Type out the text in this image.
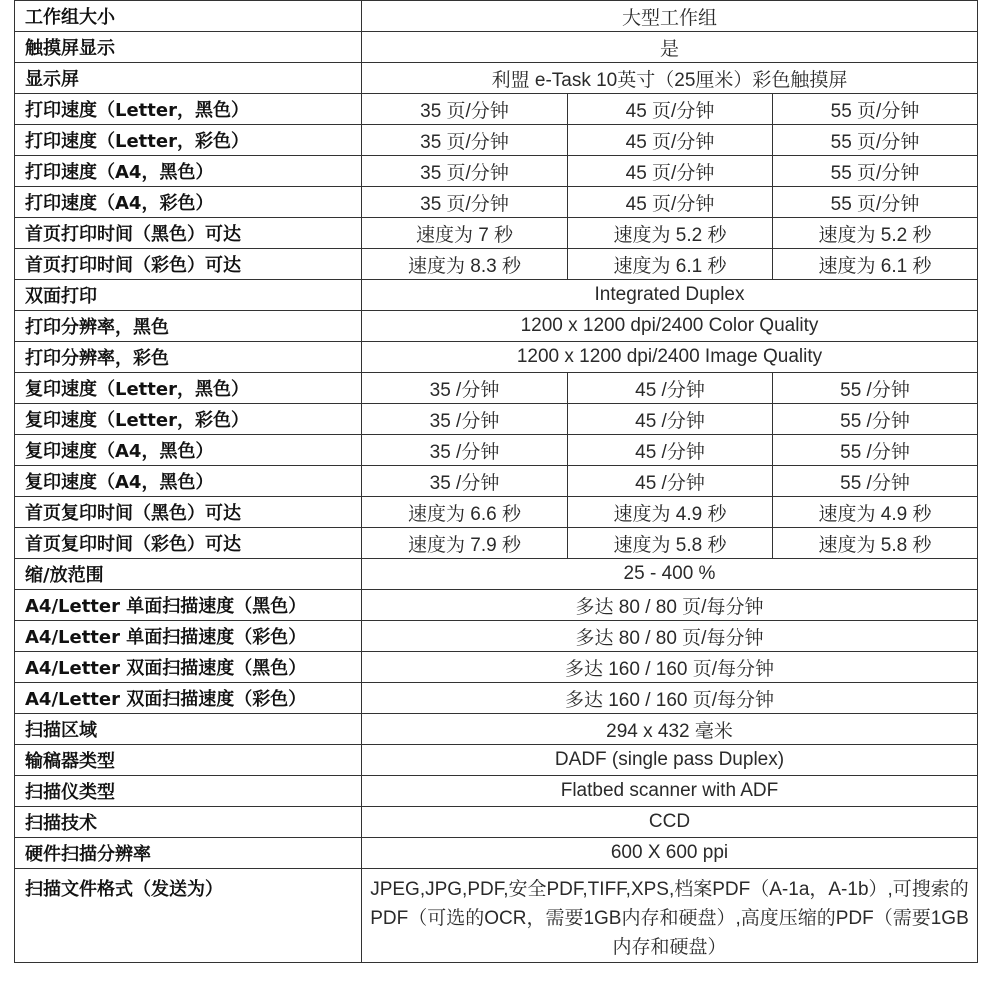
工作组大小	大型工作组		
触摸屏显示	是		
显示屏	利盟 e-Task 10英寸（25厘米）彩色触摸屏		
打印速度（Letter，黑色）	35 页/分钟	45 页/分钟	55 页/分钟
打印速度（Letter，彩色）	35 页/分钟	45 页/分钟	55 页/分钟
打印速度（A4，黑色）	35 页/分钟	45 页/分钟	55 页/分钟
打印速度（A4，彩色）	35 页/分钟	45 页/分钟	55 页/分钟
首页打印时间（黑色）可达	速度为 7 秒	速度为 5.2 秒	速度为 5.2 秒
首页打印时间（彩色）可达	速度为 8.3 秒	速度为 6.1 秒	速度为 6.1 秒
双面打印	Integrated Duplex		
打印分辨率，黑色	1200 x 1200 dpi/2400 Color Quality		
打印分辨率，彩色	1200 x 1200 dpi/2400 Image Quality		
复印速度（Letter，黑色）	35 /分钟	45 /分钟	55 /分钟
复印速度（Letter，彩色）	35 /分钟	45 /分钟	55 /分钟
复印速度（A4，黑色）	35 /分钟	45 /分钟	55 /分钟
复印速度（A4，黑色）	35 /分钟	45 /分钟	55 /分钟
首页复印时间（黑色）可达	速度为 6.6 秒	速度为 4.9 秒	速度为 4.9 秒
首页复印时间（彩色）可达	速度为 7.9 秒	速度为 5.8 秒	速度为 5.8 秒
缩/放范围	25 - 400 %		
A4/Letter 单面扫描速度（黑色）	多达 80 / 80 页/每分钟		
A4/Letter 单面扫描速度（彩色）	多达 80 / 80 页/每分钟		
A4/Letter 双面扫描速度（黑色）	多达 160 / 160 页/每分钟		
A4/Letter 双面扫描速度（彩色）	多达 160 / 160 页/每分钟		
扫描区域	294 x 432 毫米		
输稿器类型	DADF (single pass Duplex)		
扫描仪类型	Flatbed scanner with ADF		
扫描技术	CCD		
硬件扫描分辨率	600 X 600 ppi		
扫描文件格式（发送为）	JPEG,JPG,PDF,安全PDF,TIFF,XPS,档案PDF（A-1a，A-1b）,可搜索的PDF（可选的OCR，需要1GB内存和硬盘）,高度压缩的PDF（需要1GB内存和硬盘）		
